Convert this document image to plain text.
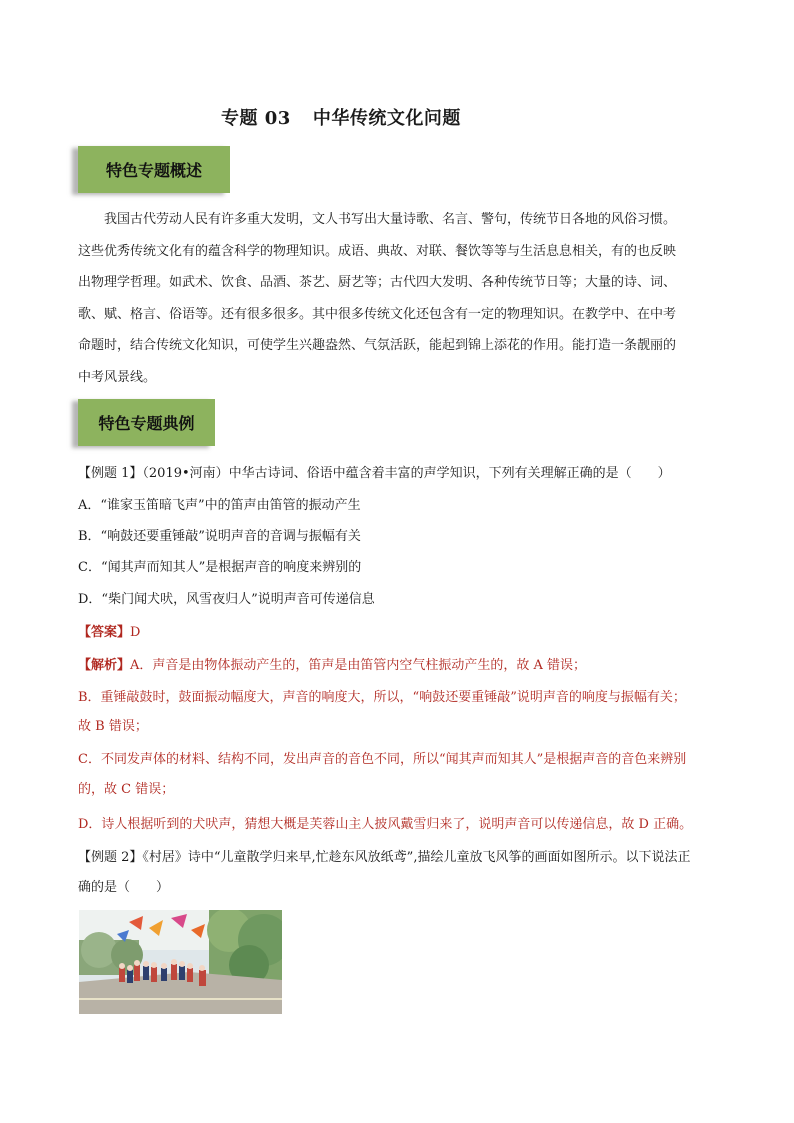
专题 03 中华传统文化问题
特色专题概述
我国古代劳动人民有许多重大发明，文人书写出大量诗歌、名言、警句，传统节日各地的风俗习惯。
这些优秀传统文化有的蕴含科学的物理知识。成语、典故、对联、餐饮等等与生活息息相关，有的也反映
出物理学哲理。如武术、饮食、品酒、茶艺、厨艺等；古代四大发明、各种传统节日等；大量的诗、词、
歌、赋、格言、俗语等。还有很多很多。其中很多传统文化还包含有一定的物理知识。在教学中、在中考
命题时，结合传统文化知识，可使学生兴趣盎然、气氛活跃，能起到锦上添花的作用。能打造一条靓丽的
中考风景线。
特色专题典例
【例题 1】（2019•河南）中华古诗词、俗语中蕴含着丰富的声学知识，下列有关理解正确的是（　　）
A．“谁家玉笛暗飞声”中的笛声由笛管的振动产生
B．“响鼓还要重锤敲”说明声音的音调与振幅有关
C．“闻其声而知其人”是根据声音的响度来辨别的
D．“柴门闻犬吠，风雪夜归人”说明声音可传递信息
【答案】D
【解析】A．声音是由物体振动产生的，笛声是由笛管内空气柱振动产生的，故 A 错误；
B．重锤敲鼓时，鼓面振动幅度大，声音的响度大，所以，“响鼓还要重锤敲”说明声音的响度与振幅有关；
故 B 错误；
C．不同发声体的材料、结构不同，发出声音的音色不同，所以“闻其声而知其人”是根据声音的音色来辨别
的，故 C 错误；
D．诗人根据听到的犬吠声，猜想大概是芙蓉山主人披风戴雪归来了，说明声音可以传递信息，故 D 正确。
【例题 2】《村居》诗中“儿童散学归来早,忙趁东风放纸鸢”,描绘儿童放飞风筝的画面如图所示。以下说法正
确的是（　　）
